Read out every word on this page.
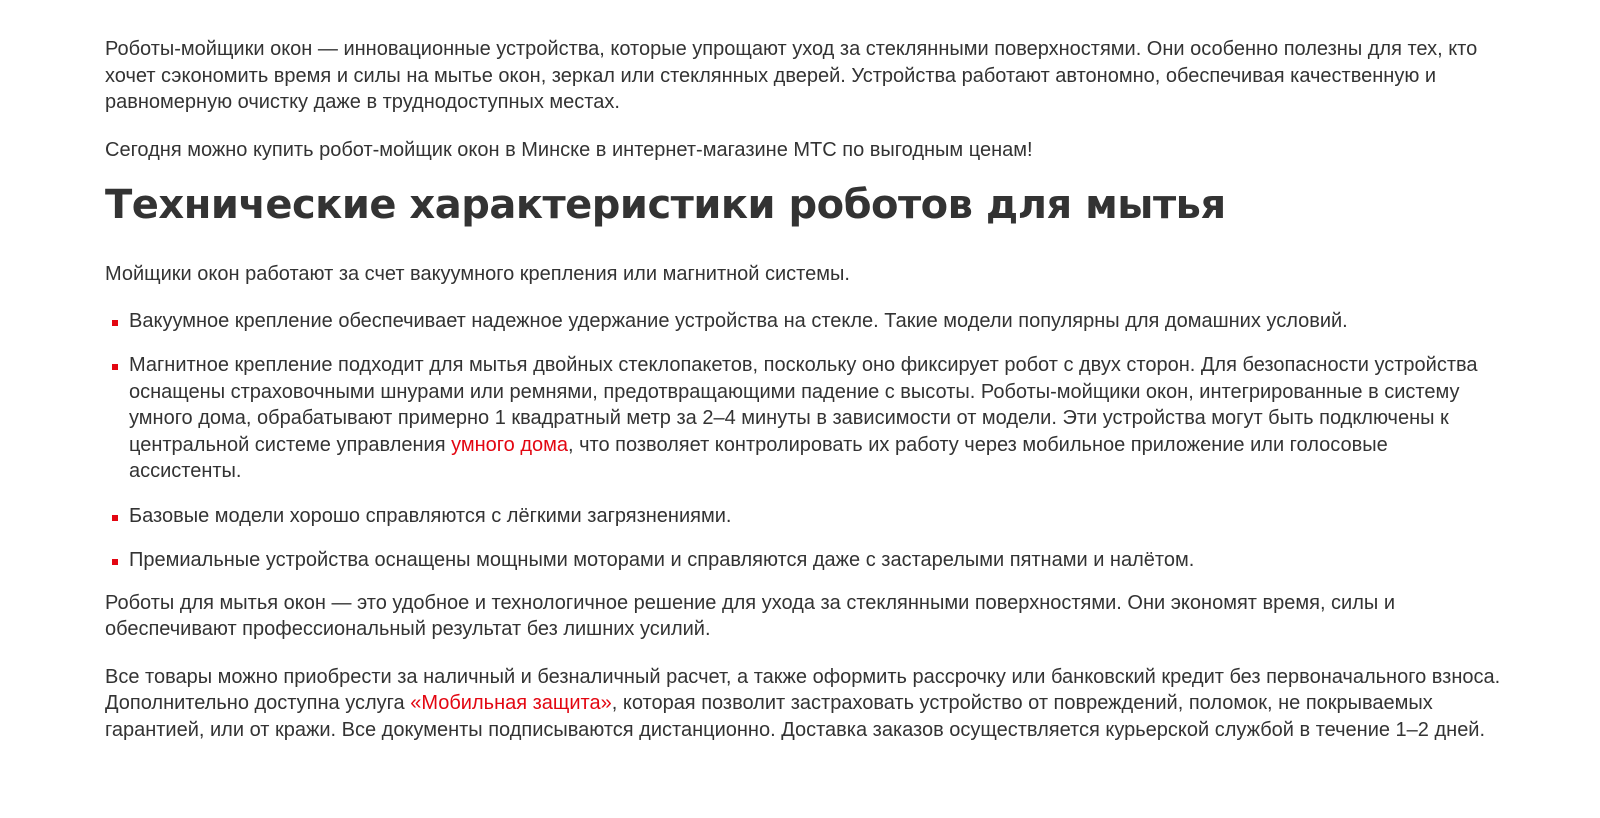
Роботы-мойщики окон — инновационные устройства, которые упрощают уход за стеклянными поверхностями. Они особенно полезны для тех, кто хочет сэкономить время и силы на мытье окон, зеркал или стеклянных дверей. Устройства работают автономно, обеспечивая качественную и равномерную очистку даже в труднодоступных местах.

Сегодня можно купить робот-мойщик окон в Минске в интернет-магазине МТС по выгодным ценам!

Технические характеристики роботов для мытья

Мойщики окон работают за счет вакуумного крепления или магнитной системы.

Вакуумное крепление обеспечивает надежное удержание устройства на стекле. Такие модели популярны для домашних условий.
Магнитное крепление подходит для мытья двойных стеклопакетов, поскольку оно фиксирует робот с двух сторон. Для безопасности устройства оснащены страховочными шнурами или ремнями, предотвращающими падение с высоты. Роботы-мойщики окон, интегрированные в систему умного дома, обрабатывают примерно 1 квадратный метр за 2–4 минуты в зависимости от модели. Эти устройства могут быть подключены к центральной системе управления умного дома, что позволяет контролировать их работу через мобильное приложение или голосовые ассистенты.
Базовые модели хорошо справляются с лёгкими загрязнениями.
Премиальные устройства оснащены мощными моторами и справляются даже с застарелыми пятнами и налётом.

Роботы для мытья окон — это удобное и технологичное решение для ухода за стеклянными поверхностями. Они экономят время, силы и обеспечивают профессиональный результат без лишних усилий.

Все товары можно приобрести за наличный и безналичный расчет, а также оформить рассрочку или банковский кредит без первоначального взноса. Дополнительно доступна услуга «Мобильная защита», которая позволит застраховать устройство от повреждений, поломок, не покрываемых гарантией, или от кражи. Все документы подписываются дистанционно. Доставка заказов осуществляется курьерской службой в течение 1–2 дней.
